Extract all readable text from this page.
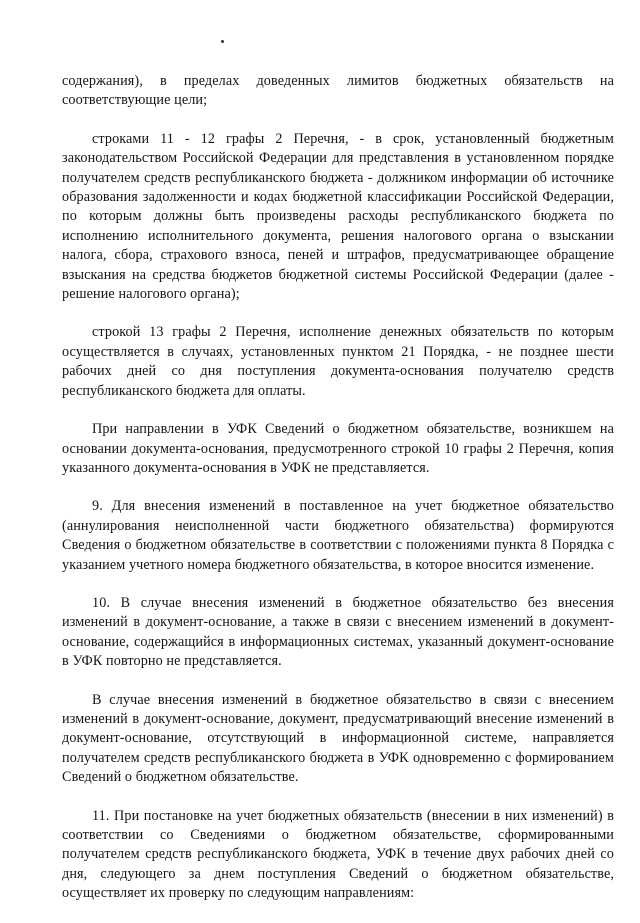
содержания), в пределах доведенных лимитов бюджетных обязательств на соответствующие цели;

строками 11 - 12 графы 2 Перечня, - в срок, установленный бюджетным законодательством Российской Федерации для представления в установленном порядке получателем средств республиканского бюджета - должником информации об источнике образования задолженности и кодах бюджетной классификации Российской Федерации, по которым должны быть произведены расходы республиканского бюджета по исполнению исполнительного документа, решения налогового органа о взыскании налога, сбора, страхового взноса, пеней и штрафов, предусматривающее обращение взыскания на средства бюджетов бюджетной системы Российской Федерации (далее - решение налогового органа);

строкой 13 графы 2 Перечня, исполнение денежных обязательств по которым осуществляется в случаях, установленных пунктом 21 Порядка, - не позднее шести рабочих дней со дня поступления документа-основания получателю средств республиканского бюджета для оплаты.

При направлении в УФК Сведений о бюджетном обязательстве, возникшем на основании документа-основания, предусмотренного строкой 10 графы 2 Перечня, копия указанного документа-основания в УФК не представляется.

9. Для внесения изменений в поставленное на учет бюджетное обязательство (аннулирования неисполненной части бюджетного обязательства) формируются Сведения о бюджетном обязательстве в соответствии с положениями пункта 8 Порядка с указанием учетного номера бюджетного обязательства, в которое вносится изменение.

10. В случае внесения изменений в бюджетное обязательство без внесения изменений в документ-основание, а также в связи с внесением изменений в документ-основание, содержащийся в информационных системах, указанный документ-основание в УФК повторно не представляется.

В случае внесения изменений в бюджетное обязательство в связи с внесением изменений в документ-основание, документ, предусматривающий внесение изменений в документ-основание, отсутствующий в информационной системе, направляется получателем средств республиканского бюджета в УФК одновременно с формированием Сведений о бюджетном обязательстве.

11. При постановке на учет бюджетных обязательств (внесении в них изменений) в соответствии со Сведениями о бюджетном обязательстве, сформированными получателем средств республиканского бюджета, УФК в течение двух рабочих дней со дня, следующего за днем поступления Сведений о бюджетном обязательстве, осуществляет их проверку по следующим направлениям:
